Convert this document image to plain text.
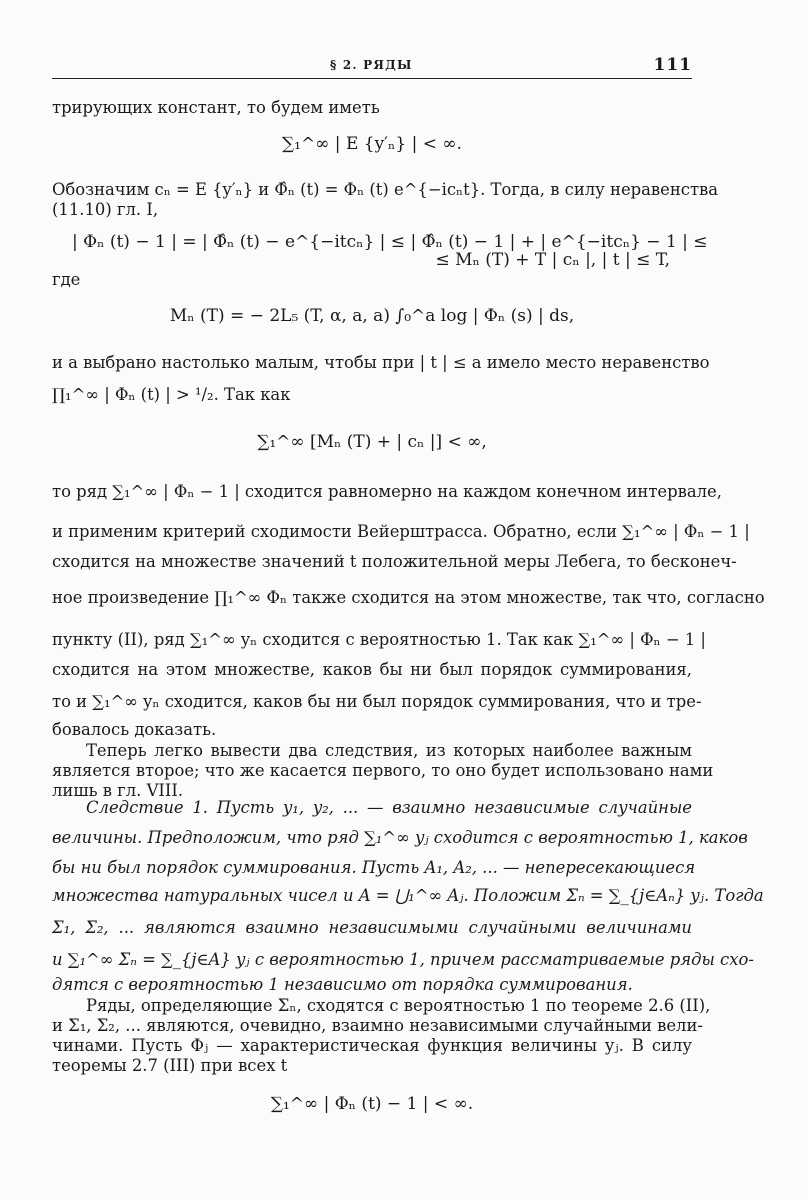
§ 2. РЯДЫ	111
трирующих констант, то будем иметь
∑₁^∞ | E {y′ₙ} | < ∞.
Обозначим cₙ = E {y′ₙ} и Φ̂ₙ (t) = Φₙ (t) e^{−icₙt}. Тогда, в силу неравенства
(11.10) гл. I,
| Φₙ (t) − 1 | = | Φ̂ₙ (t) − e^{−itcₙ} | ≤ | Φ̂ₙ (t) − 1 | + | e^{−itcₙ} − 1 | ≤
≤ Mₙ (T) + T | cₙ |, | t | ≤ T,
где
Mₙ (T) = − 2L₅ (T, α, a, a) ∫₀^a log | Φₙ (s) | ds,
и a выбрано настолько малым, чтобы при | t | ≤ a имело место неравенство
∏₁^∞ | Φₙ (t) | > ¹/₂. Так как
∑₁^∞ [Mₙ (T) + | cₙ |] < ∞,
то ряд ∑₁^∞ | Φₙ − 1 | сходится равномерно на каждом конечном интервале,
и применим критерий сходимости Вейерштрасса. Обратно, если ∑₁^∞ | Φₙ − 1 |
сходится на множестве значений t положительной меры Лебега, то бесконеч-
ное произведение ∏₁^∞ Φₙ также сходится на этом множестве, так что, согласно
пункту (II), ряд ∑₁^∞ yₙ сходится с вероятностью 1. Так как ∑₁^∞ | Φₙ − 1 |
сходится на этом множестве, каков бы ни был порядок суммирования,
то и ∑₁^∞ yₙ сходится, каков бы ни был порядок суммирования, что и тре-
бовалось доказать.
Теперь легко вывести два следствия, из которых наиболее важным
является второе; что же касается первого, то оно будет использовано нами
лишь в гл. VIII.
Следствие 1. Пусть y₁, y₂, ... — взаимно независимые случайные
величины. Предположим, что ряд ∑₁^∞ yⱼ сходится с вероятностью 1, каков
бы ни был порядок суммирования. Пусть A₁, A₂, ... — непересекающиеся
множества натуральных чисел и A = ⋃₁^∞ Aⱼ. Положим Σₙ = ∑_{j∈Aₙ} yⱼ. Тогда
Σ₁, Σ₂, ... являются взаимно независимыми случайными величинами
и ∑₁^∞ Σₙ = ∑_{j∈A} yⱼ с вероятностью 1, причем рассматриваемые ряды схо-
дятся с вероятностью 1 независимо от порядка суммирования.
Ряды, определяющие Σₙ, сходятся с вероятностью 1 по теореме 2.6 (II),
и Σ₁, Σ₂, ... являются, очевидно, взаимно независимыми случайными вели-
чинами. Пусть Φⱼ — характеристическая функция величины yⱼ. В силу
теоремы 2.7 (III) при всех t
∑₁^∞ | Φₙ (t) − 1 | < ∞.
